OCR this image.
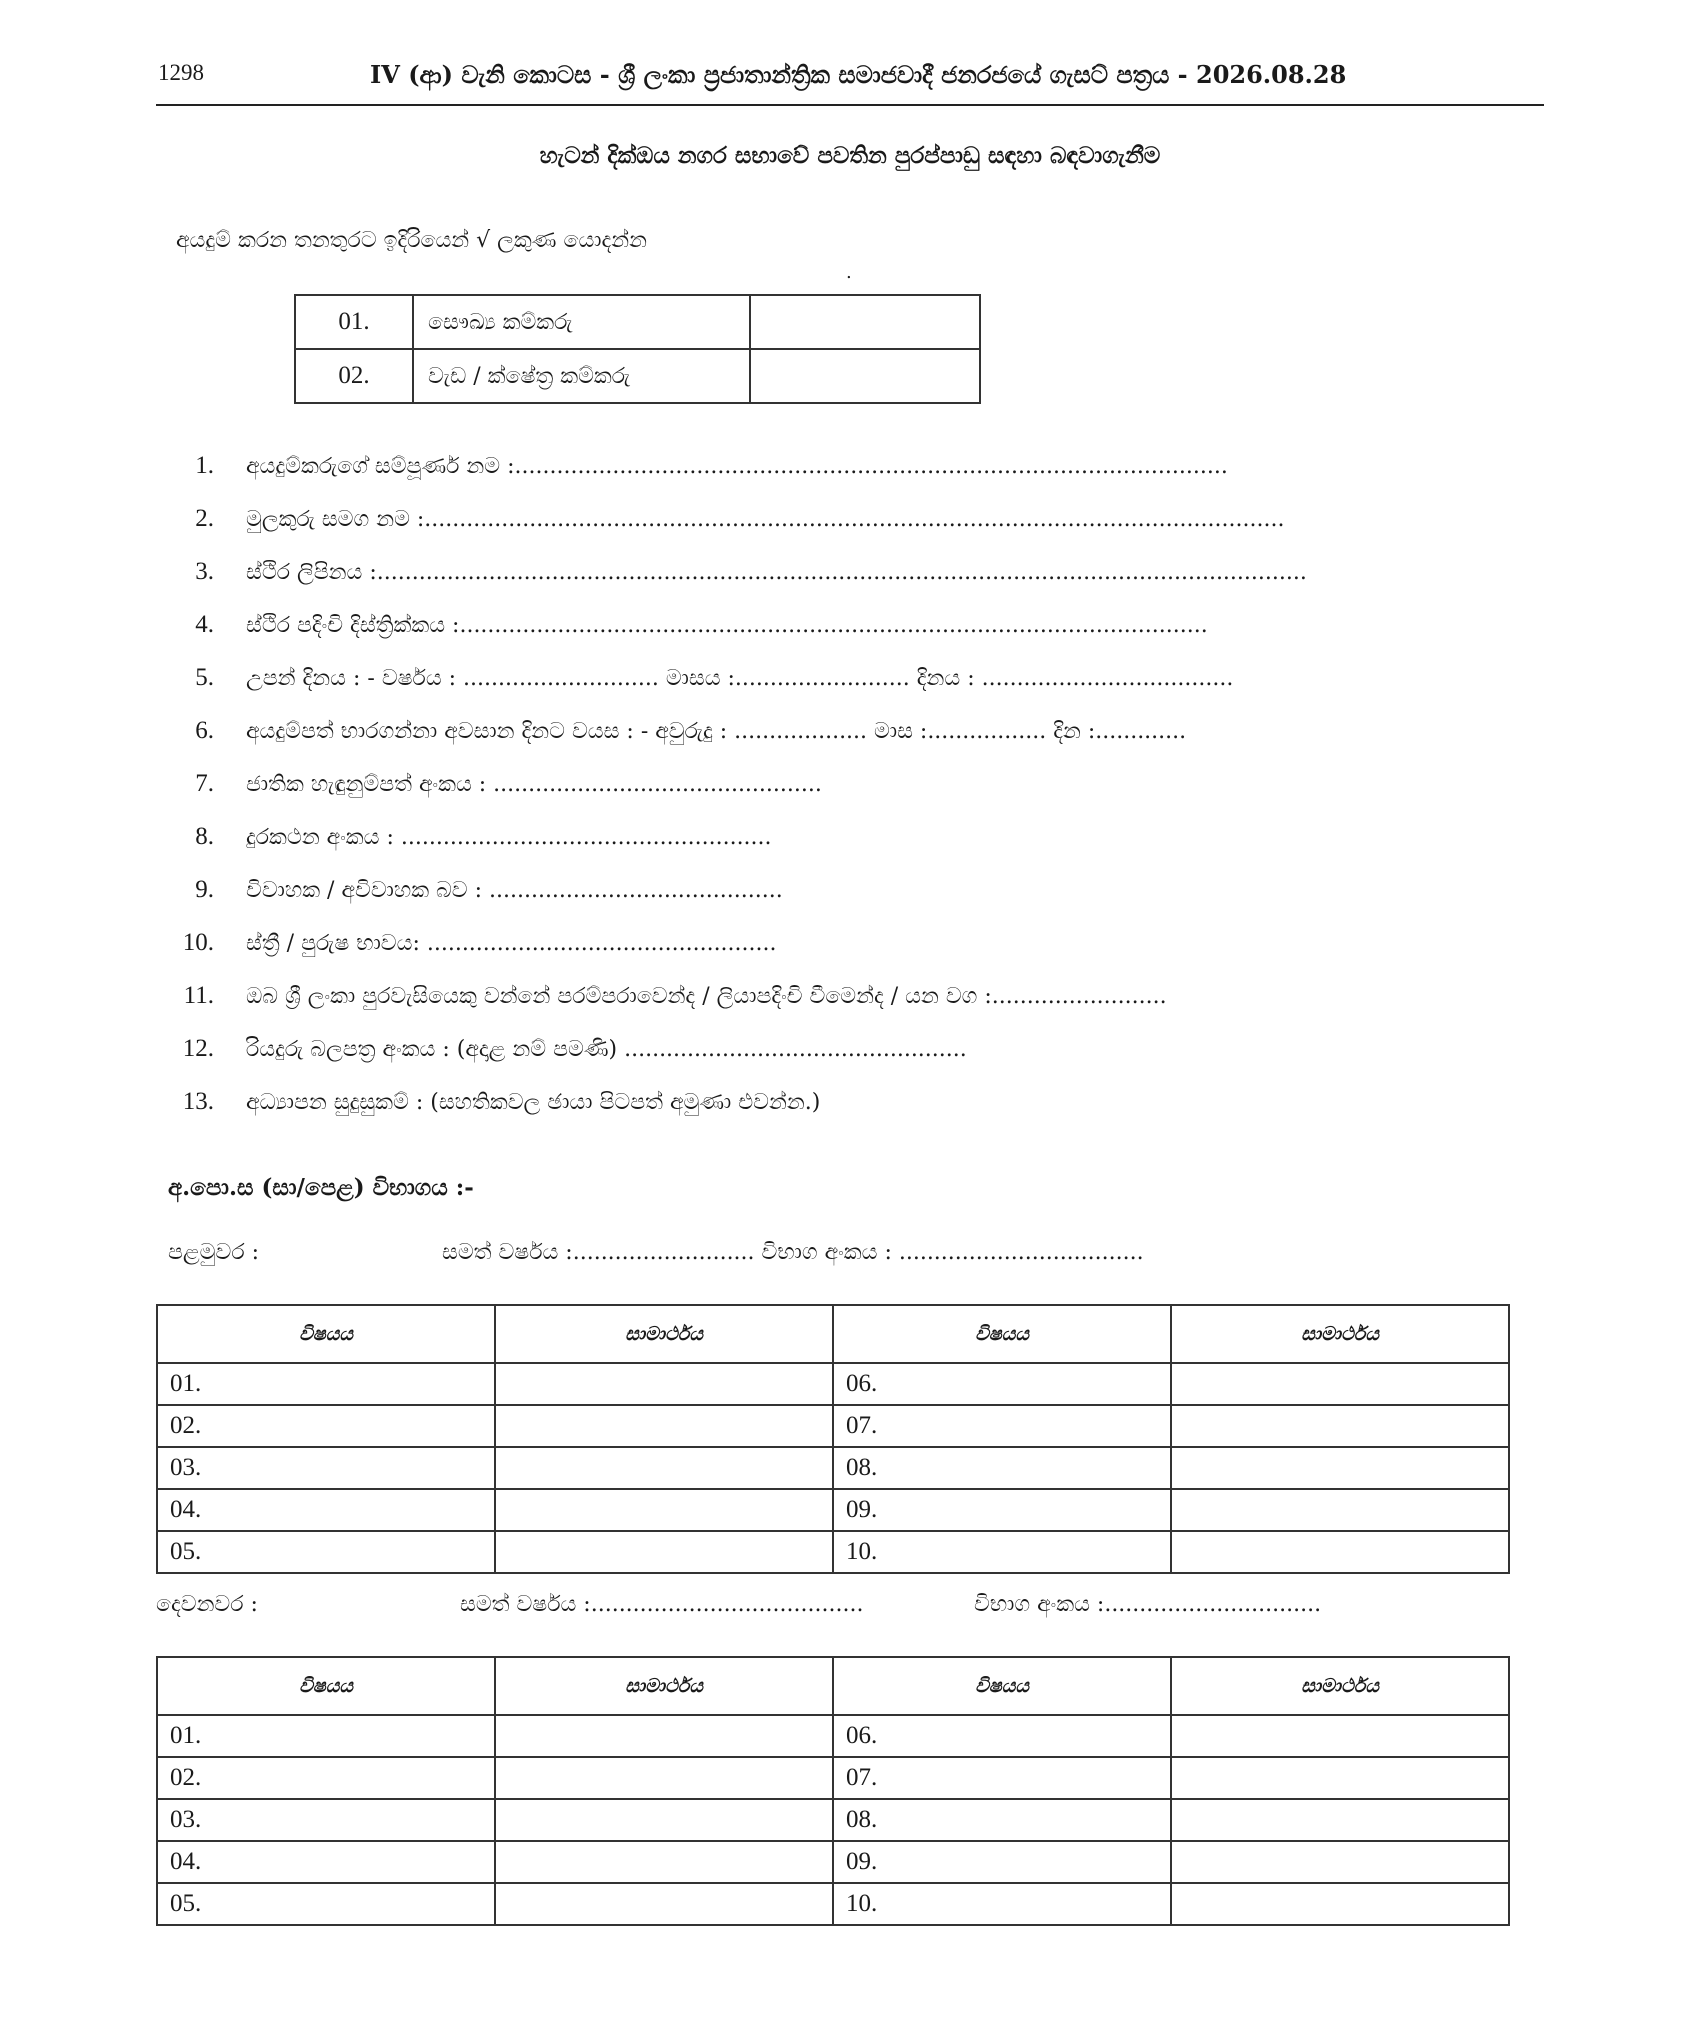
1298	IV (ආ) වැනි කොටස - ශ්‍රී ලංකා ප්‍රජාතාන්ත්‍රික සමාජවාදී ජනරජයේ ගැසට් පත්‍රය - 2026.08.28
හැටන් දික්ඔය නගර සභාවේ පවතින පුරප්පාඩු සඳහා බඳවාගැනීම
අයදුම් කරන තනතුරට ඉදිරියෙන් √ ලකුණ යොදන්න
.
01.	සෞඛ්‍ය කම්කරු	
02.	වැඩ / ක්ෂේත්‍ර කම්කරු	
1. අයදුම්කරුගේ සම්පූර්ණ නම :......................................................................................................
2. මුලකුරු සමග නම :...........................................................................................................................
3. ස්ථිර ලිපිනය :.....................................................................................................................................
4. ස්ථිර පදිංචි දිස්ත්‍රික්කය :...........................................................................................................
5. උපන් දිනය : - වර්ෂය : ............................ මාසය :......................... දිනය : ....................................
6. අයදුම්පත් භාරගන්නා අවසාන දිනට වයස : - අවුරුදු : ................... මාස :................. දින :.............
7. ජාතික හැඳුනුම්පත් අංකය : ...............................................
8. දුරකථන අංකය : .....................................................
9. විවාහක / අවිවාහක බව : ..........................................
10. ස්ත්‍රී / පුරුෂ භාවය: ..................................................
11. ඔබ ශ්‍රී ලංකා පුරවැසියෙකු වන්නේ පරම්පරාවෙන්ද / ලියාපදිංචි වීමෙන්ද / යන වග :.........................
12. රියදුරු බලපත්‍ර අංකය : (අදාළ නම් පමණි) .................................................
13. අධ්‍යාපන සුදුසුකම් : (සහතිකවල ඡායා පිටපත් අමුණා එවන්න.)
අ.පො.ස (සා/පෙළ) විභාගය :-
පළමුවර :	සමත් වර්ෂය :.......................... විභාග අංකය : ...................................
විෂයය	සාමාර්ථය	විෂයය	සාමාර්ථය
01.		06.	
02.		07.	
03.		08.	
04.		09.	
05.		10.	
දෙවනවර :	සමත් වර්ෂය :.......................................	විභාග අංකය :...............................
විෂයය	සාමාර්ථය	විෂයය	සාමාර්ථය
01.		06.	
02.		07.	
03.		08.	
04.		09.	
05.		10.	
